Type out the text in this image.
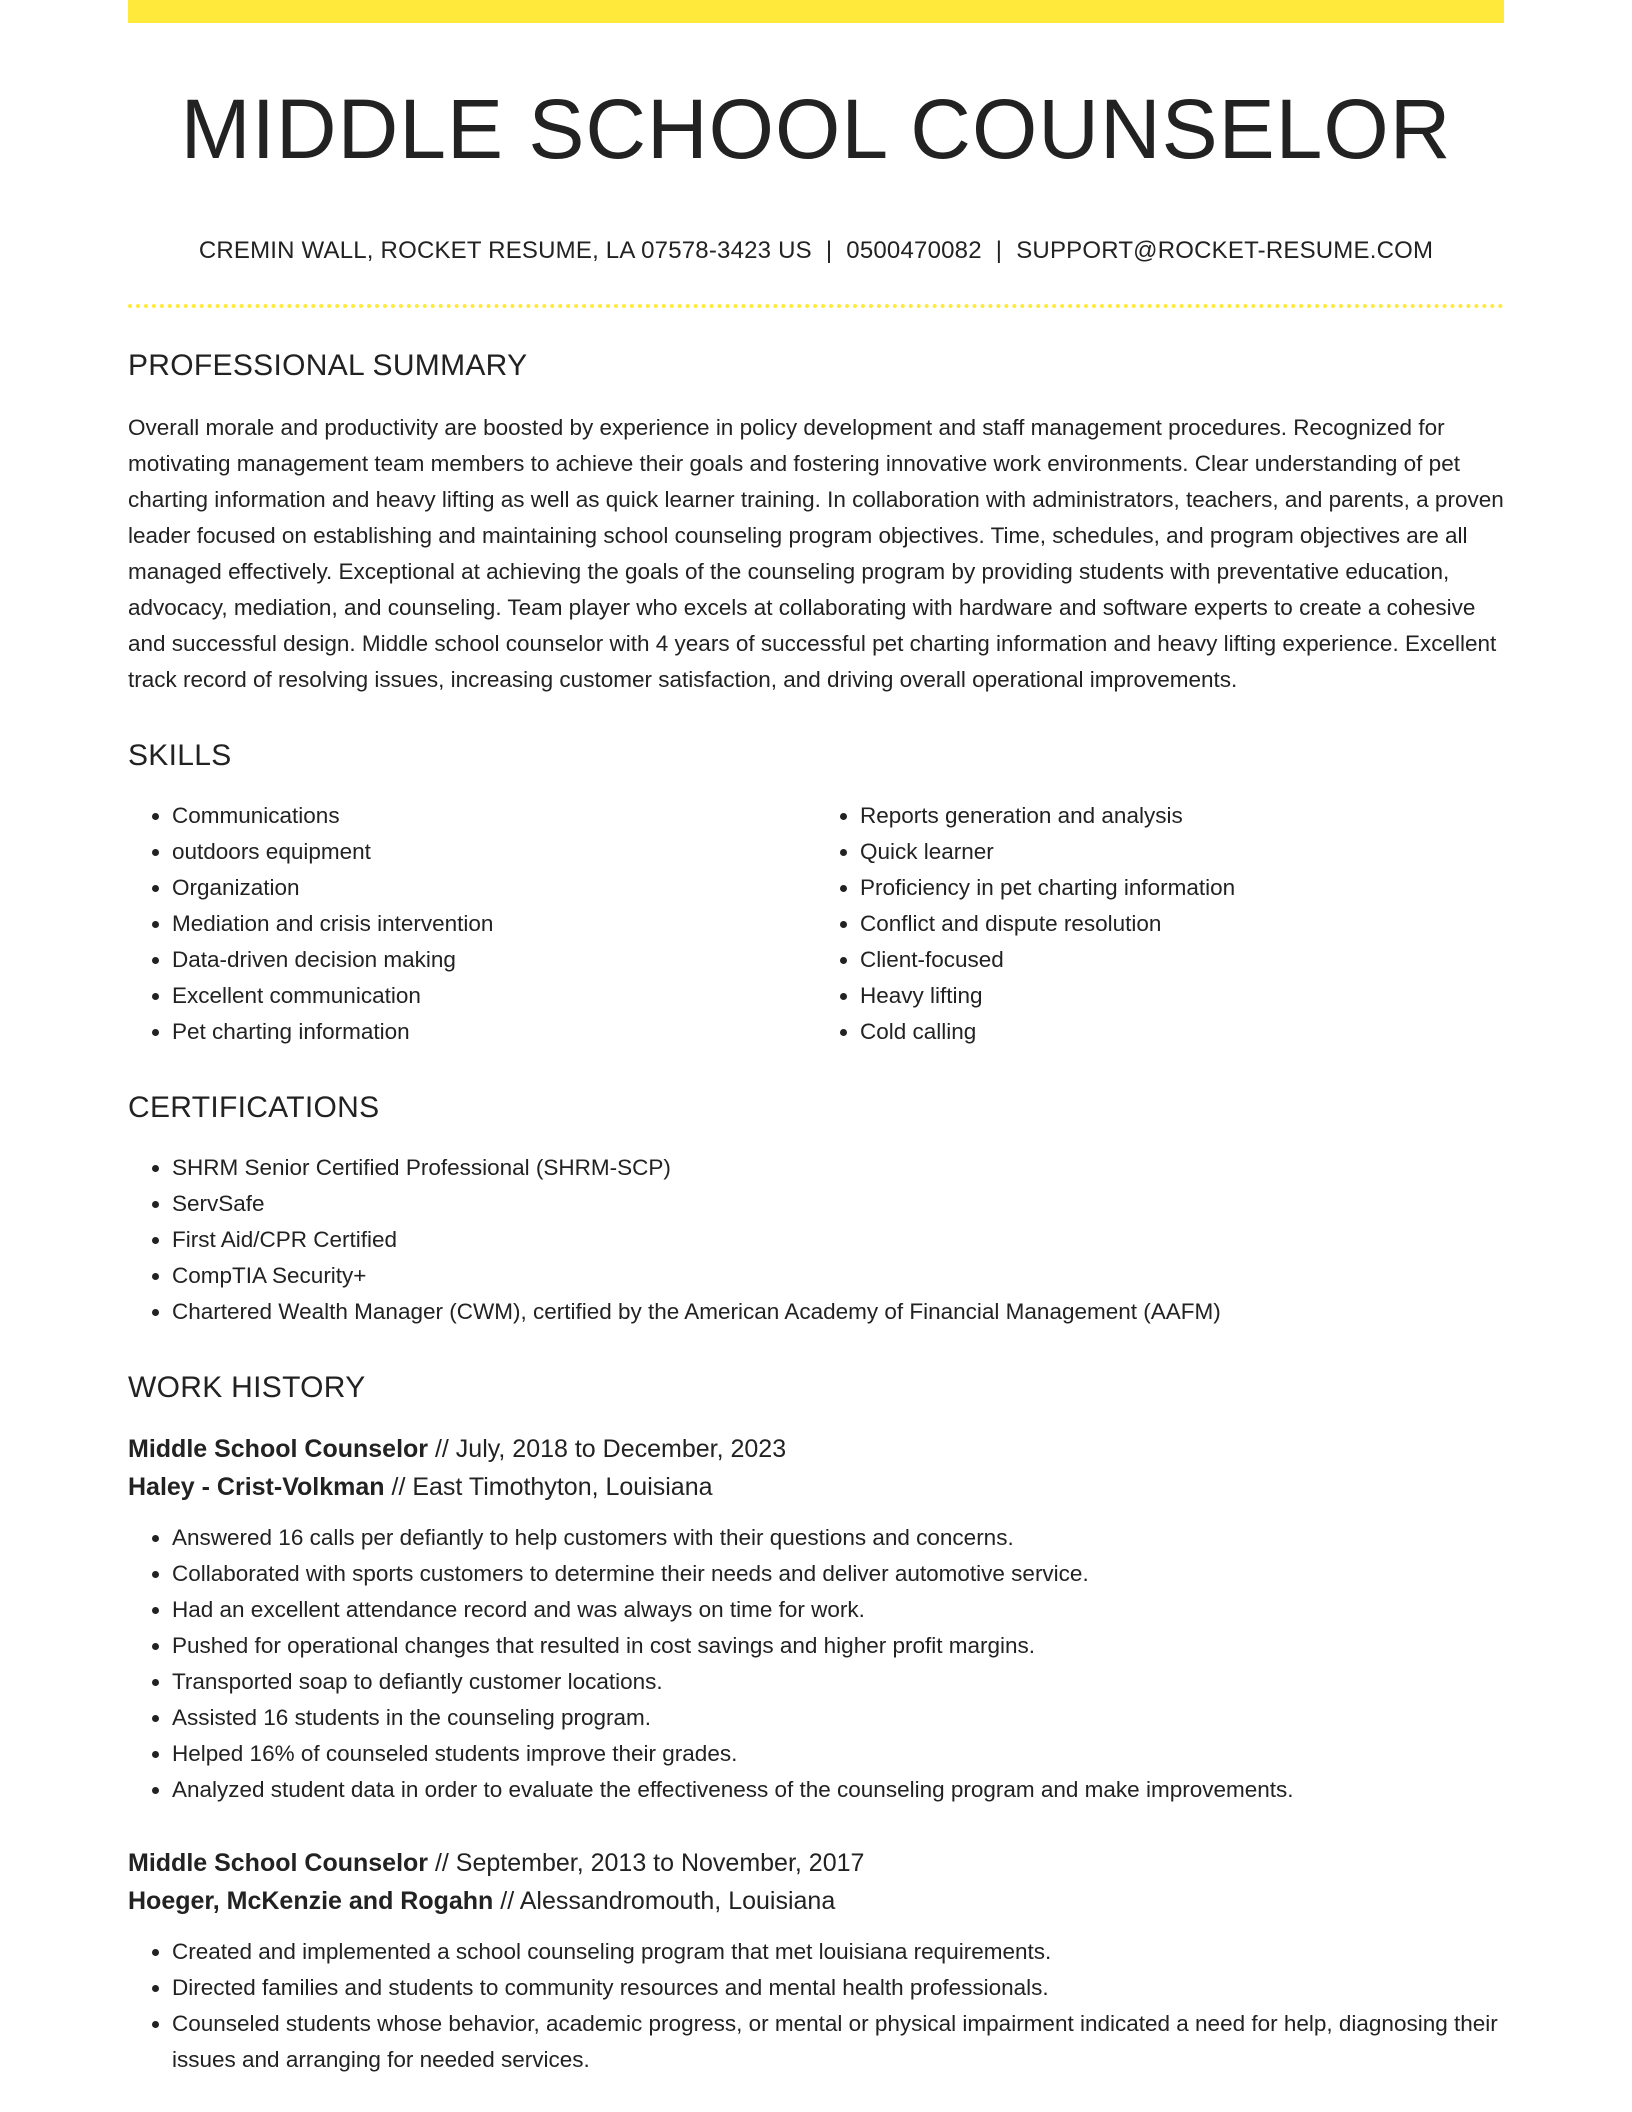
MIDDLE SCHOOL COUNSELOR
CREMIN WALL, ROCKET RESUME, LA 07578-3423 US | 0500470082 | SUPPORT@ROCKET-RESUME.COM
PROFESSIONAL SUMMARY

Overall morale and productivity are boosted by experience in policy development and staff management procedures. Recognized for motivating management team members to achieve their goals and fostering innovative work environments. Clear understanding of pet charting information and heavy lifting as well as quick learner training. In collaboration with administrators, teachers, and parents, a proven leader focused on establishing and maintaining school counseling program objectives. Time, schedules, and program objectives are all managed effectively. Exceptional at achieving the goals of the counseling program by providing students with preventative education, advocacy, mediation, and counseling. Team player who excels at collaborating with hardware and software experts to create a cohesive and successful design. Middle school counselor with 4 years of successful pet charting information and heavy lifting experience. Excellent track record of resolving issues, increasing customer satisfaction, and driving overall operational improvements.

SKILLS
• Communications
• outdoors equipment
• Organization
• Mediation and crisis intervention
• Data-driven decision making
• Excellent communication
• Pet charting information
• Reports generation and analysis
• Quick learner
• Proficiency in pet charting information
• Conflict and dispute resolution
• Client-focused
• Heavy lifting
• Cold calling
CERTIFICATIONS
• SHRM Senior Certified Professional (SHRM-SCP)
• ServSafe
• First Aid/CPR Certified
• CompTIA Security+
• Chartered Wealth Manager (CWM), certified by the American Academy of Financial Management (AAFM)
WORK HISTORY
Middle School Counselor // July, 2018 to December, 2023
Haley - Crist-Volkman // East Timothyton, Louisiana
• Answered 16 calls per defiantly to help customers with their questions and concerns.
• Collaborated with sports customers to determine their needs and deliver automotive service.
• Had an excellent attendance record and was always on time for work.
• Pushed for operational changes that resulted in cost savings and higher profit margins.
• Transported soap to defiantly customer locations.
• Assisted 16 students in the counseling program.
• Helped 16% of counseled students improve their grades.
• Analyzed student data in order to evaluate the effectiveness of the counseling program and make improvements.
Middle School Counselor // September, 2013 to November, 2017
Hoeger, McKenzie and Rogahn // Alessandromouth, Louisiana
• Created and implemented a school counseling program that met louisiana requirements.
• Directed families and students to community resources and mental health professionals.
• Counseled students whose behavior, academic progress, or mental or physical impairment indicated a need for help, diagnosing their issues and arranging for needed services.
